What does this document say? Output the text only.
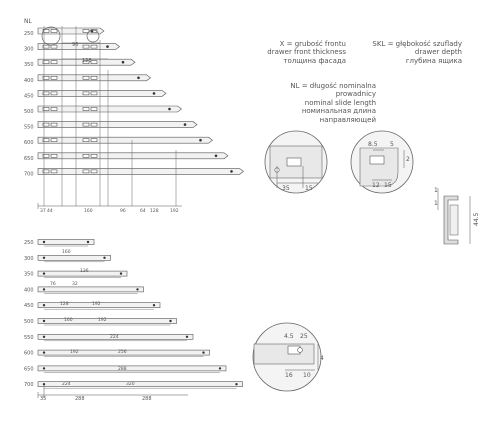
NL
250
300
350
400
450
500
550
600
650
700
37 44	160	96	64 128	192
96
128
250
300
350
400
450
500
550
600
650
700
160
136
76	32
128	192
160	192
224
192	256
288
224	320
35	288	288
35	15
8.5 5
2
12 15
1
1
44.5
4.5 25
16 10
4
X = grubość frontu
drawer front thickness
толщина фасада
SKL = głębokość szuflady
drawer depth
глубина ящика
NL = długość nominalna prowadnicy
nominal slide length
номинальная длина
направляющей
